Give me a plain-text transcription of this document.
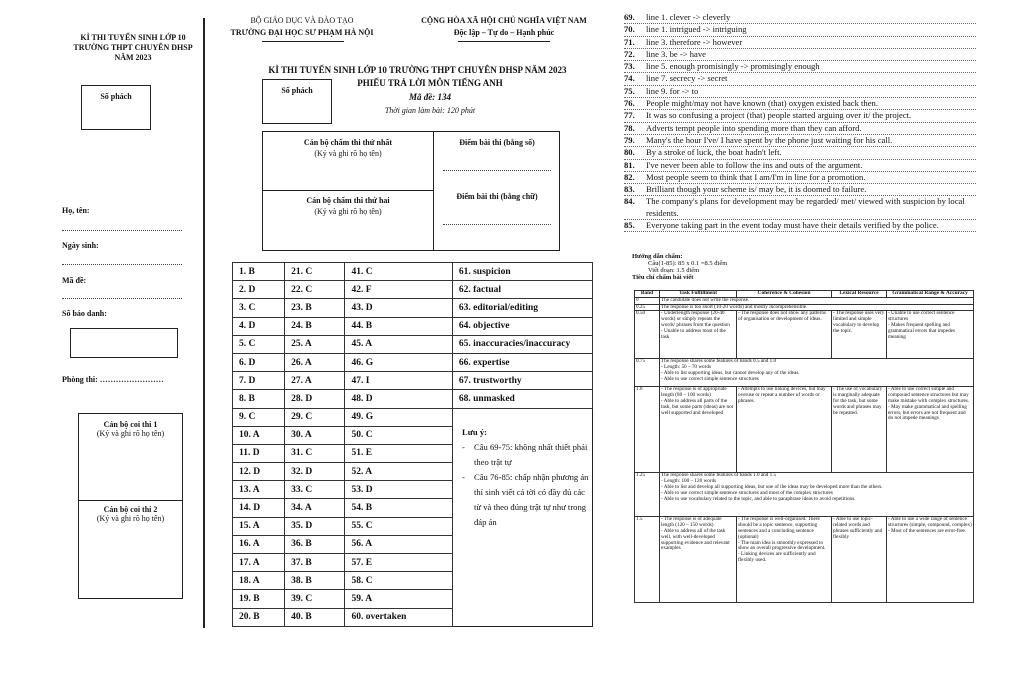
KÌ THI TUYỂN SINH LỚP 10
TRƯỜNG THPT CHUYÊN DHSP
NĂM 2023
Số phách
Họ, tên:
Ngày sinh:
Mã đề:
Số báo danh:
Phòng thi: ……………………
Cán bộ coi thi 1
(Ký và ghi rõ họ tên)
Cán bộ coi thi 2
(Ký và ghi rõ họ tên)
BỘ GIÁO DỤC VÀ ĐÀO TẠO
TRƯỜNG ĐẠI HỌC SƯ PHẠM HÀ NỘI
CỘNG HÒA XÃ HỘI CHỦ NGHĨA VIỆT NAM
Độc lập – Tự do – Hạnh phúc
KÌ THI TUYỂN SINH LỚP 10 TRƯỜNG THPT CHUYÊN DHSP NĂM 2023
PHIẾU TRẢ LỜI MÔN TIẾNG ANH
Mã đề: 134
Thời gian làm bài: 120 phút
Số phách
Cán bộ chấm thi thứ nhất
(Ký và ghi rõ họ tên)
Cán bộ chấm thi thứ hai
(Ký và ghi rõ họ tên)
Điểm bài thi (bằng số)
Điểm bài thi (bằng chữ)
1. B	21. C	41. C	61. suspicion
2. D	22. C	42. F	62. factual
3. C	23. B	43. D	63. editorial/editing
4. D	24. B	44. B	64. objective
5. C	25. A	45. A	65. inaccuracies/inaccuracy
6. D	26. A	46. G	66. expertise
7. D	27. A	47. I	67. trustworthy
8. B	28. D	48. D	68. unmasked
9. C	29. C	49. G	
10. A	30. A	50. C	
11. D	31. C	51. E	
12. D	32. D	52. A	
13. A	33. C	53. D	
14. D	34. A	54. B	
15. A	35. D	55. C	
16. A	36. B	56. A	
17. A	37. B	57. E	
18. A	38. B	58. C	
19. B	39. C	59. A	
20. B	40. B	60. overtaken	
Lưu ý:
-	Câu 69-75: không nhất thiết phải theo trật tự
-	Câu 76-85: chấp nhận phương án thí sinh viết cả tời có đầy đủ các từ và theo đúng trật tự như trong đáp án
69.	line 1. clever -> cleverly
70.	line 1. intrigued -> intriguing
71.	line 3. therefore -> however
72.	line 3. be -> have
73.	line 5. enough promisingly -> promisingly enough
74.	line 7. secrecy -> secret
75.	line 9. for -> to
76.	People might/may not have known (that) oxygen existed back then.
77.	It was so confusing a project (that) people started arguing over it/ the project.
78.	Adverts tempt people into spending more than they can afford.
79.	Many's the hour I've/ I have spent by the phone just waiting for his call.
80.	By a stroke of luck, the boat hadn't left.
81.	I've never been able to follow the ins and outs of the argument.
82.	Most people seem to think that I am/I'm in line for a promotion.
83.	Brilliant though your scheme is/ may be, it is doomed to failure.
84.	The company's plans for development may be regarded/ met/ viewed with suspicion by local residents.
85.	Everyone taking part in the event today must have their details verified by the police.
Hướng dẫn chấm:
Câu(1-85): 85 x 0.1 =8.5 điểm
Viết đoạn: 1.5 điểm
Tiêu chí chấm bài viết
Band	Task Fulfillment	Coherence & Cohesion	Lexical Resource	Grammatical Range & Accuracy
0	The candidate does not write the response.			
0.25	The response is too short (10-20 words) and mostly incomprehensible.			
0.50	- Underlength response (20-40 words) or simply repeats the words/ phrases from the question
- Unable to address most of the task	- The response does not show any patterns of organisation or development of ideas.	- The response uses very limited and simple vocabulary to develop the topic.	- Unable to use correct sentence structures
- Makes frequent spelling and grammatical errors that impedes meaning
0.75	The response shares some features of bands 0.5 and 1.0
- Length: 50 – 70 words
- Able to list supporting ideas, but cannot develop any of the ideas.
- Able to use correct simple sentence structures			
1.0	- The response is of appropriate length (80 – 100 words)
- Able to address all parts of the task, but some parts (ideas) are not well supported and developed	- Attempts to use linking devices, but may overuse or repeat a number of words or phrases.	- The use of vocabulary is marginally adequate for the task, but some words and phrases may be repeated.	- Able to use correct simple and compound sentence structures but may make mistake with complex structures.
- May make grammatical and spelling errors, but errors are not frequent and do not impede meanings
1.25	The response shares some features of bands 1.0 and 1.5
- Length: 100 – 120 words
- Able to list and develop all supporting ideas, but one of the ideas may be developed more than the others.
- Able to use correct simple sentence structures and most of the complex structures
- Able to use vocabulary related to the topic, and able to paraphrase ideas to avoid repetitions.			
1.5	- The response is of adequate length (120 – 150 words)
- Able to address all of the task well, with well-developed supporting evidence and relevant examples	- The response is well-organised. There should be a topic sentence, supporting sentences and a concluding sentence (optional)
- The main idea is smoothly expressed to show an overall progressive development.
- Linking devices are sufficiently and flexibly used.	- Able to use topic-related words and phrases sufficiently and flexibly	- Able to use a wide range of sentence structures (simple, compound, complex)
- Most of the sentences are error-free.
